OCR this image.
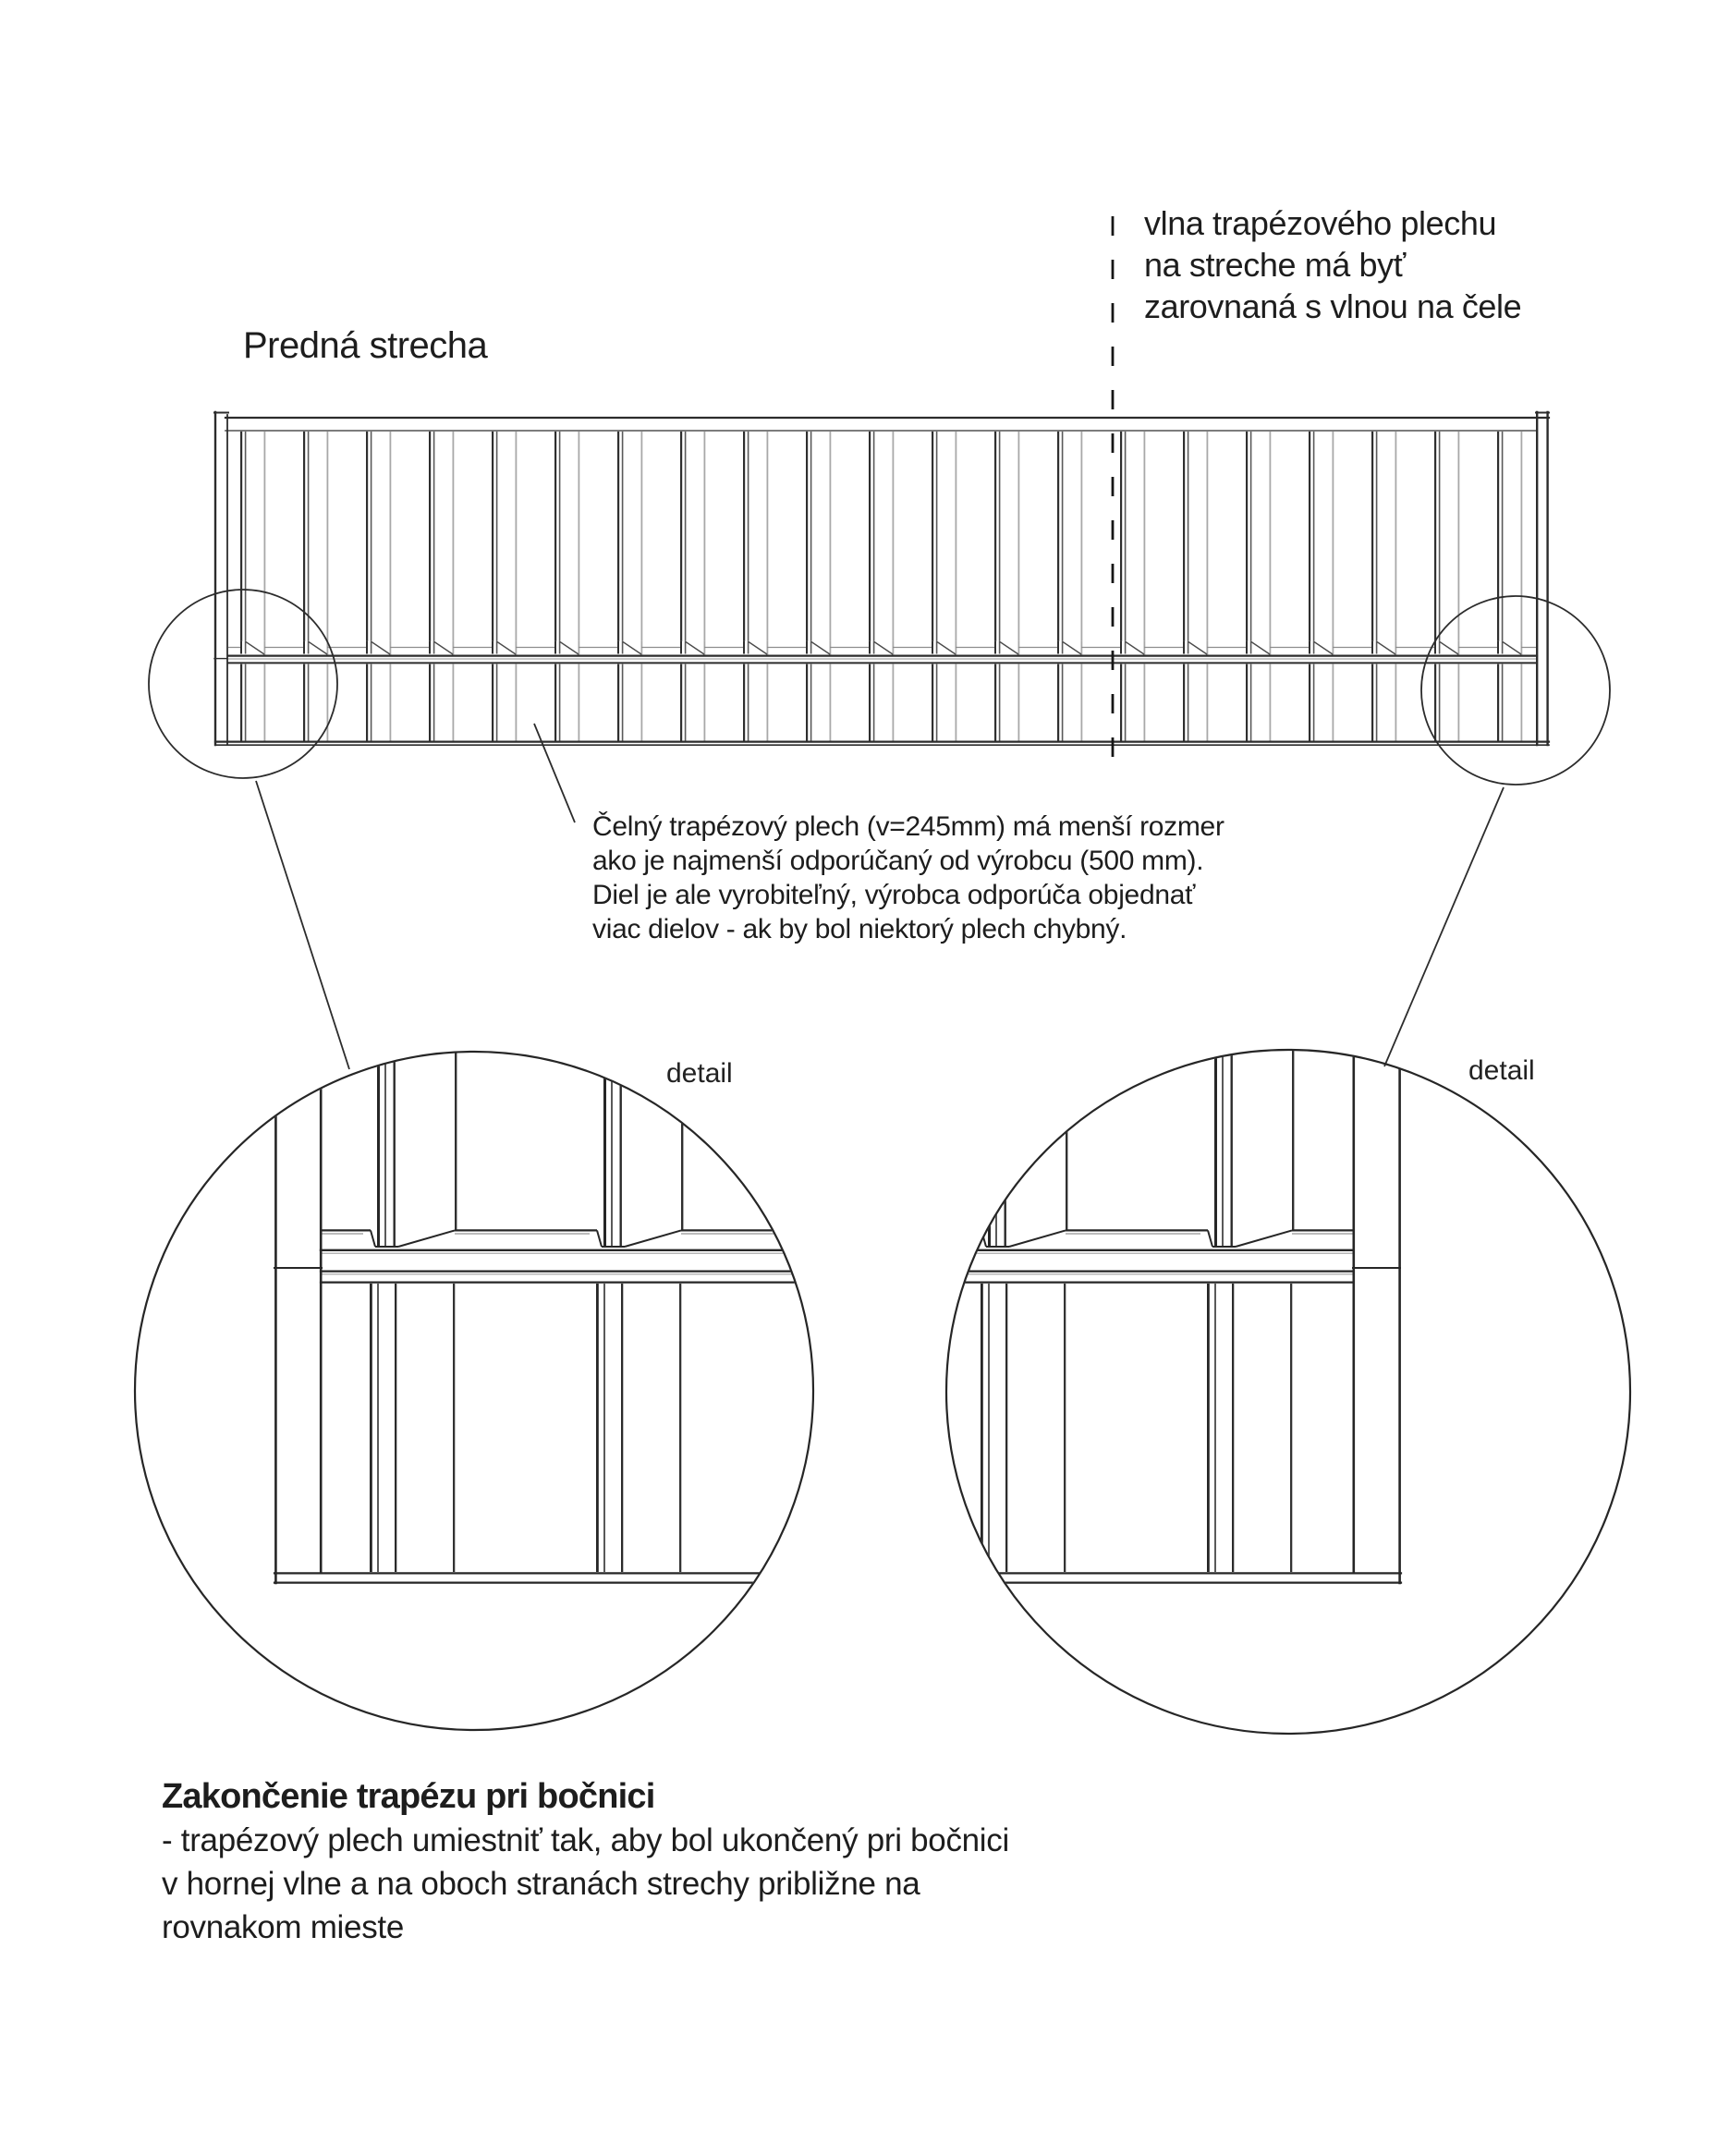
Predná strecha
vlna trapézového plechu
na streche má byť
zarovnaná s vlnou na čele
Čelný trapézový plech (v=245mm) má menší rozmer
ako je najmenší odporúčaný od výrobcu (500 mm).
Diel je ale vyrobiteľný, výrobca odporúča objednať
viac dielov - ak by bol niektorý plech chybný.
detail	detail
Zakončenie trapézu pri bočnici
- trapézový plech umiestniť tak, aby bol ukončený pri bočnici
v hornej vlne a na oboch stranách strechy približne na
rovnakom mieste
